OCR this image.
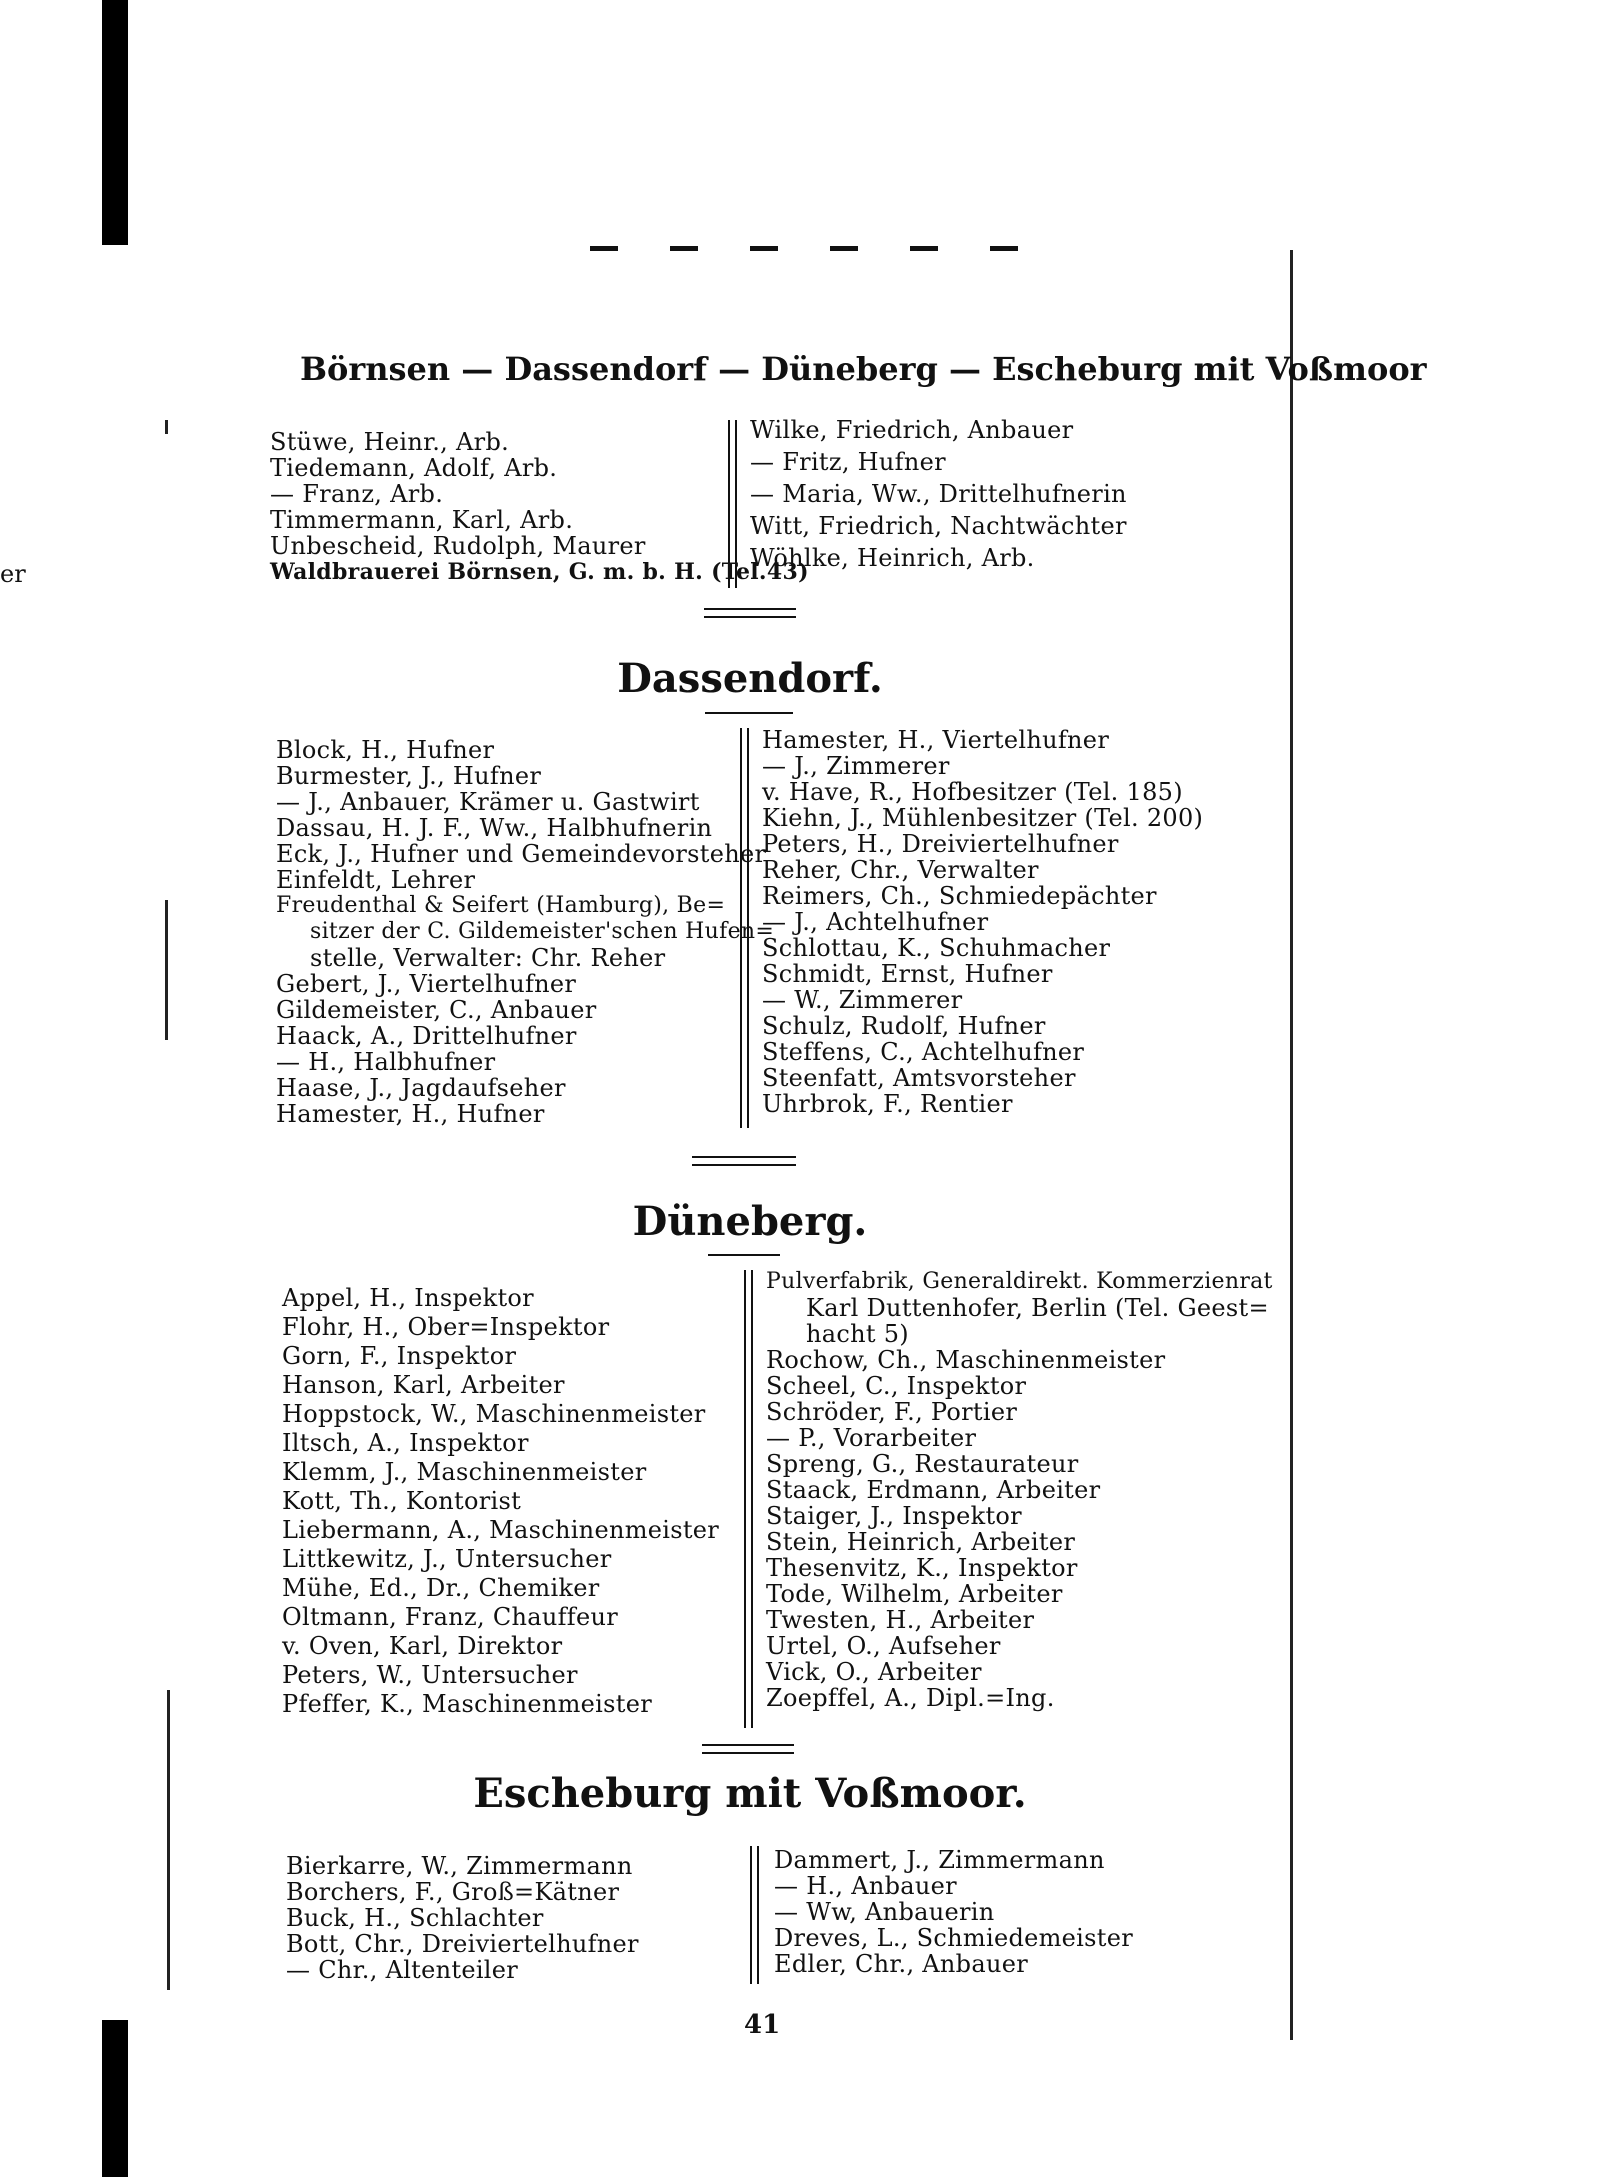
er
Börnsen — Dassendorf — Düneberg — Escheburg mit Voßmoor
Stüwe, Heinr., Arb.
Tiedemann, Adolf, Arb.
— Franz, Arb.
Timmermann, Karl, Arb.
Unbescheid, Rudolph, Maurer
Waldbrauerei Börnsen, G. m. b. H. (Tel.43)
Wilke, Friedrich, Anbauer
— Fritz, Hufner
— Maria, Ww., Drittelhufnerin
Witt, Friedrich, Nachtwächter
Wöhlke, Heinrich, Arb.
Dassendorf.
Block, H., Hufner
Burmester, J., Hufner
— J., Anbauer, Krämer u. Gastwirt
Dassau, H. J. F., Ww., Halbhufnerin
Eck, J., Hufner und Gemeindevorsteher
Einfeldt, Lehrer
Freudenthal & Seifert (Hamburg), Be=
sitzer der C. Gildemeister'schen Hufen=
stelle, Verwalter: Chr. Reher
Gebert, J., Viertelhufner
Gildemeister, C., Anbauer
Haack, A., Drittelhufner
— H., Halbhufner
Haase, J., Jagdaufseher
Hamester, H., Hufner
Hamester, H., Viertelhufner
— J., Zimmerer
v. Have, R., Hofbesitzer (Tel. 185)
Kiehn, J., Mühlenbesitzer (Tel. 200)
Peters, H., Dreiviertelhufner
Reher, Chr., Verwalter
Reimers, Ch., Schmiedepächter
— J., Achtelhufner
Schlottau, K., Schuhmacher
Schmidt, Ernst, Hufner
— W., Zimmerer
Schulz, Rudolf, Hufner
Steffens, C., Achtelhufner
Steenfatt, Amtsvorsteher
Uhrbrok, F., Rentier
Düneberg.
Appel, H., Inspektor
Flohr, H., Ober=Inspektor
Gorn, F., Inspektor
Hanson, Karl, Arbeiter
Hoppstock, W., Maschinenmeister
Iltsch, A., Inspektor
Klemm, J., Maschinenmeister
Kott, Th., Kontorist
Liebermann, A., Maschinenmeister
Littkewitz, J., Untersucher
Mühe, Ed., Dr., Chemiker
Oltmann, Franz, Chauffeur
v. Oven, Karl, Direktor
Peters, W., Untersucher
Pfeffer, K., Maschinenmeister
Pulverfabrik, Generaldirekt. Kommerzienrat
Karl Duttenhofer, Berlin (Tel. Geest=
hacht 5)
Rochow, Ch., Maschinenmeister
Scheel, C., Inspektor
Schröder, F., Portier
— P., Vorarbeiter
Spreng, G., Restaurateur
Staack, Erdmann, Arbeiter
Staiger, J., Inspektor
Stein, Heinrich, Arbeiter
Thesenvitz, K., Inspektor
Tode, Wilhelm, Arbeiter
Twesten, H., Arbeiter
Urtel, O., Aufseher
Vick, O., Arbeiter
Zoepffel, A., Dipl.=Ing.
Escheburg mit Voßmoor.
Bierkarre, W., Zimmermann
Borchers, F., Groß=Kätner
Buck, H., Schlachter
Bott, Chr., Dreiviertelhufner
— Chr., Altenteiler
Dammert, J., Zimmermann
— H., Anbauer
— Ww, Anbauerin
Dreves, L., Schmiedemeister
Edler, Chr., Anbauer
41
